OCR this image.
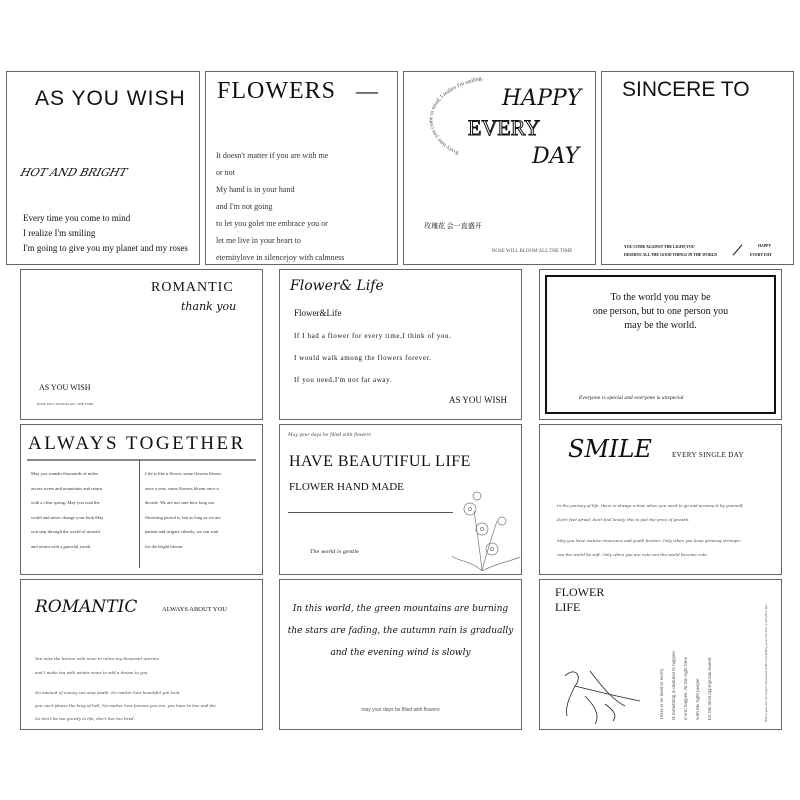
AS YOU WISH
HOT AND BRIGHT
Every time you come to mind
I realize I'm smiling
I'm going to give you my planet and my roses
FLOWERS —
It doesn't matter if you are with me
or not
My hand is in your hand
and I'm not going
to let you golet me embrace you or
let me live in your heart to
eternitylove in silencejoy with calmness
Every time you come to mind, I realize I'm smiling.
HAPPY
EVERY
DAY
玫瑰花 会一直盛开
ROSE WILL BLOOM ALL THE TIME
SINCERE TO
YOU COME AGAINST THE LIGHT,YOU
DESERVE ALL THE GOOD THINGS IN THE WORLD
HAPPY
EVERY DAY
ROMANTIC
thank you
AS YOU WISH
ROSE WILL BLOOM ALL THE TIME
Flower& Life
Flower&Life
If I had a flower for every time,I think of you.
I would walk among the flowers forever.
If you need,I'm not far away.
AS YOU WISH
To the world you may be
one person, but to one person you
may be the world.
Everyone is special and everyone is unspecial
ALWAYS TOGETHER
May you wander thousands of miles
across rivers and mountains and return
with a clear spring. May you read the
world and never change your look.May
you step through the world of mortals
and return with a graceful youth.
Life is like a flower, some flowers bloom
once a year, some flowers bloom once a
decade. We are not sure how long our
flowering period is, but as long as we are
patient and irrigate silently, we can wait
for the bright bloom.
May your days be filled with flowers
HAVE BEAUTIFUL LIFE
FLOWER HAND MADE
The world is gentle
SMILE	EVERY SINGLE DAY
In the journey of life, there is always a time when you need to go and accomp it by yourself.
Don't feel afraid, don't feel lonely, this is just the price of growth.
May you have mature innocence and youth forever. Only when you keep growing stronger
can the world be soft. Only when you are cute can the world become cute.
ROMANTIC	ALWAYS ABOUT YOU
You miss the breeze with wine to relive my thousand worries,
and I make tea with winter snow to add a dream to you.
No amount of money can stop death. No matter how beautiful you look,
you can't please the king of hell. No matter how famous you are, you have to live and die
So don't be too greedy in life, don't live too tired.
In this world, the green mountains are burning
the stars are fading, the autumn rain is gradually
and the evening wind is slowly
may yout days be filled with flowers
FLOWER
LIFE
There is no need to worry If something is destined to happen it will happen. At the right time with the right people for the most appropriate reason	When you are no longer obsessed with everything you can live a carefree life
